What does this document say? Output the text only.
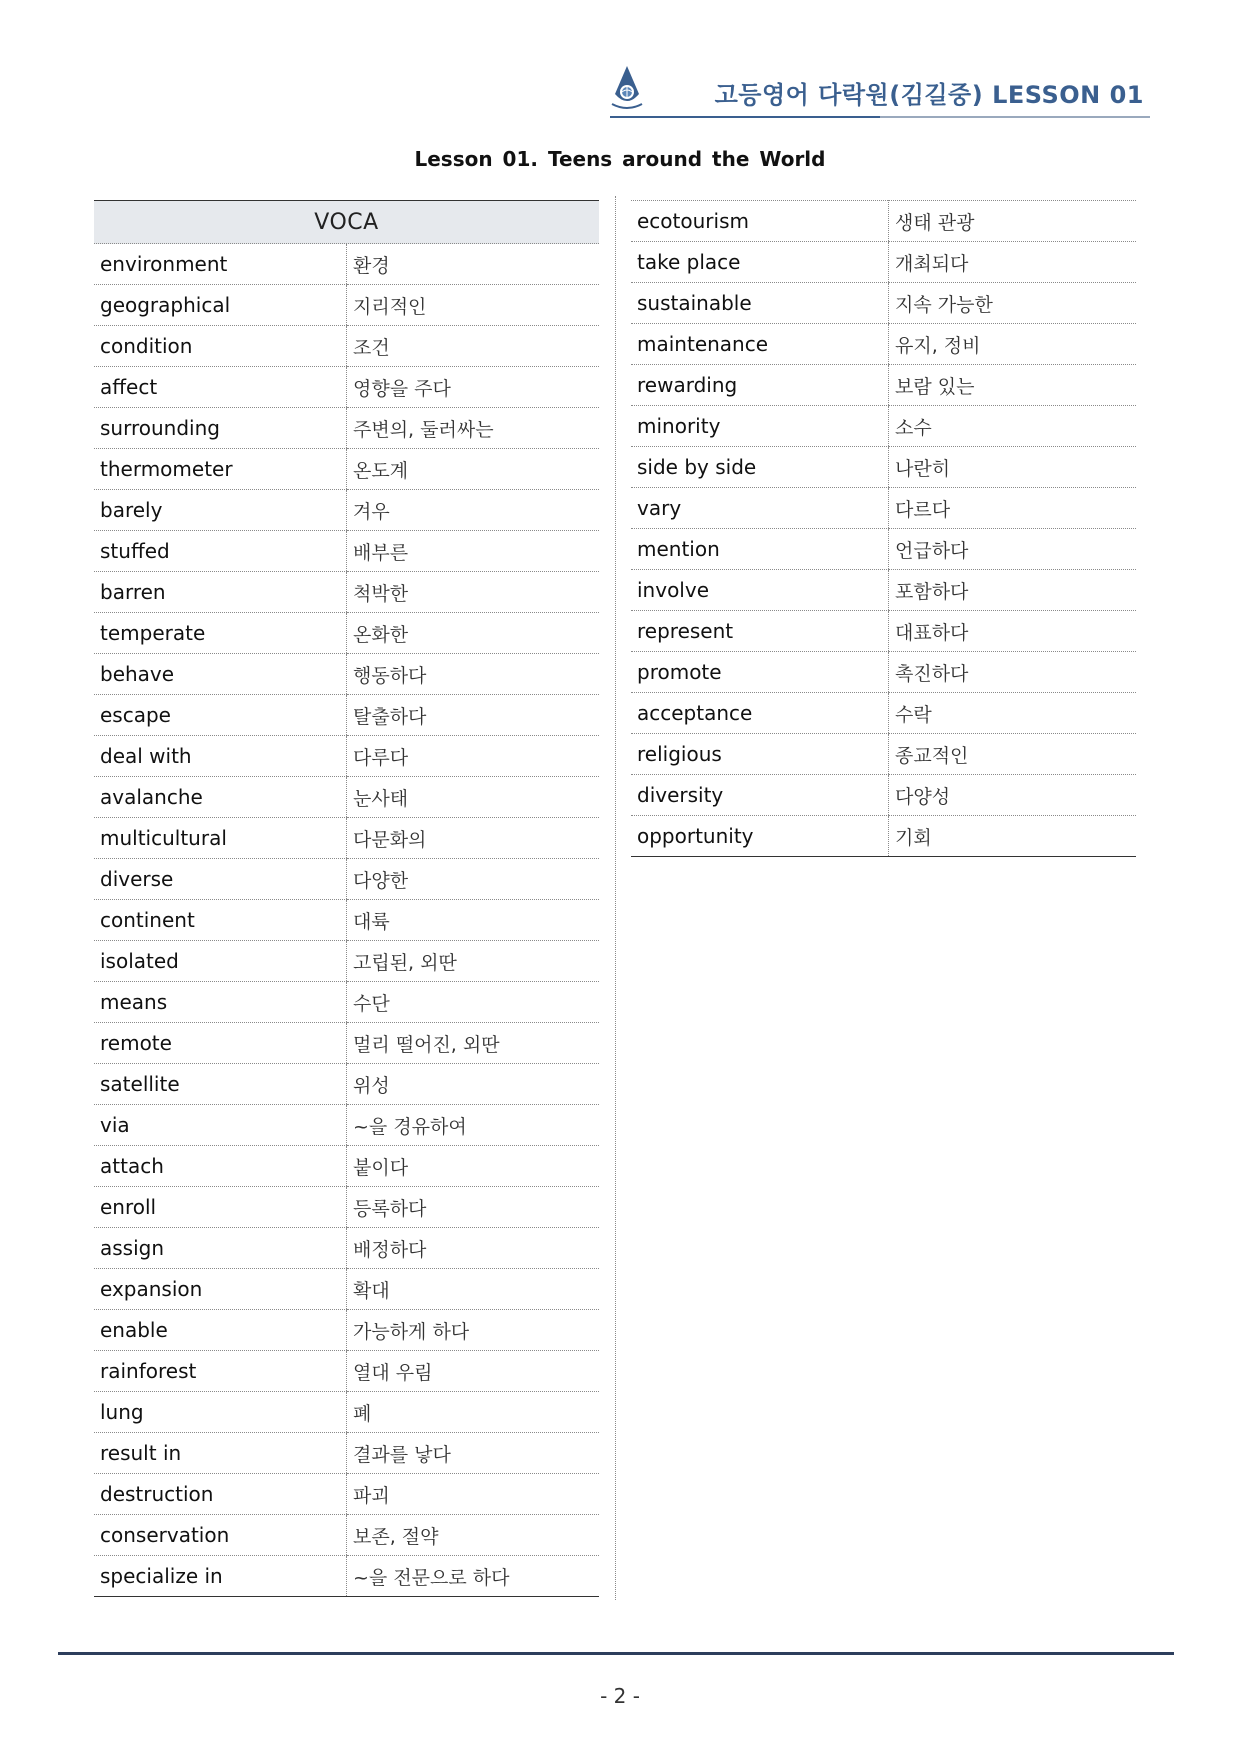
고등영어 다락원(김길중) LESSON 01
Lesson 01. Teens around the World
VOCA	
environment	환경
geographical	지리적인
condition	조건
affect	영향을 주다
surrounding	주변의, 둘러싸는
thermometer	온도계
barely	겨우
stuffed	배부른
barren	척박한
temperate	온화한
behave	행동하다
escape	탈출하다
deal with	다루다
avalanche	눈사태
multicultural	다문화의
diverse	다양한
continent	대륙
isolated	고립된, 외딴
means	수단
remote	멀리 떨어진, 외딴
satellite	위성
via	~을 경유하여
attach	붙이다
enroll	등록하다
assign	배정하다
expansion	확대
enable	가능하게 하다
rainforest	열대 우림
lung	폐
result in	결과를 낳다
destruction	파괴
conservation	보존, 절약
specialize in	~을 전문으로 하다
ecotourism	생태 관광
take place	개최되다
sustainable	지속 가능한
maintenance	유지, 정비
rewarding	보람 있는
minority	소수
side by side	나란히
vary	다르다
mention	언급하다
involve	포함하다
represent	대표하다
promote	촉진하다
acceptance	수락
religious	종교적인
diversity	다양성
opportunity	기회
- 2 -
